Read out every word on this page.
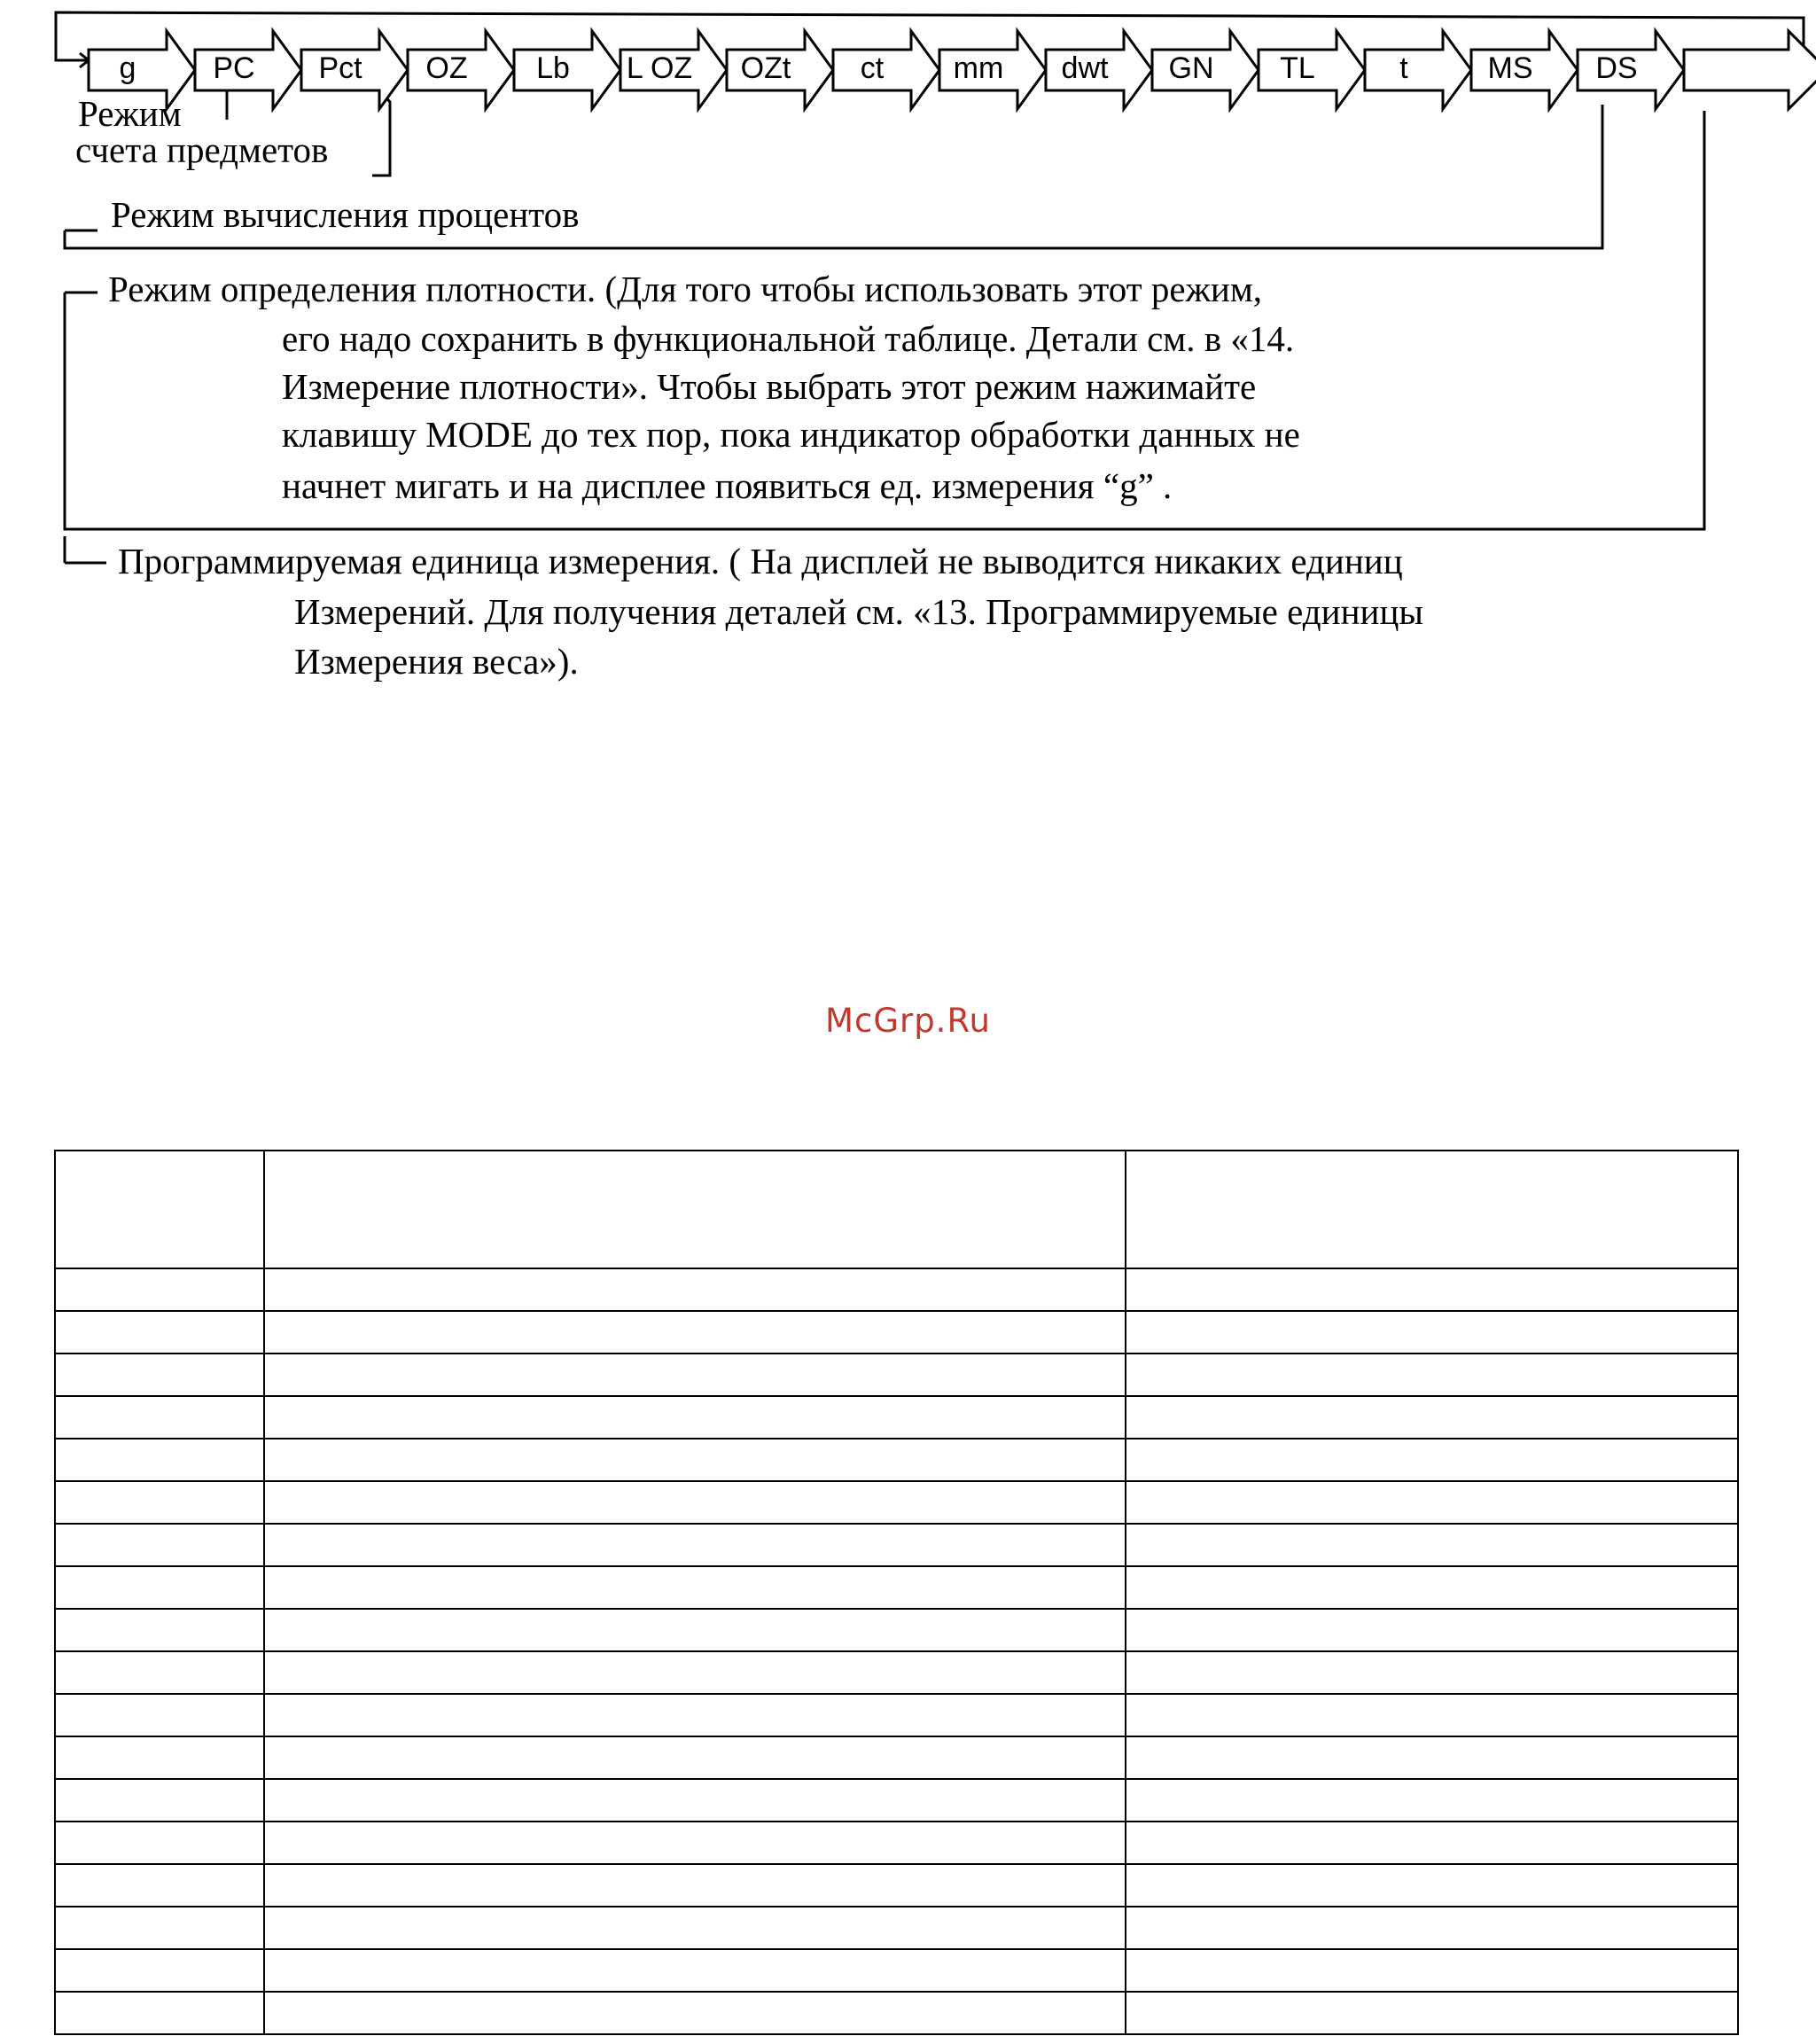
g	PC Pct OZ Lb L OZ OZt ct mm dwt GN TL	t	MS DS
Режим
счета предметов
Режим вычисления процентов
Режим определения плотности. (Для того чтобы использовать этот режим,
его надо сохранить в функциональной таблице. Детали см. в «14.
Измерение плотности». Чтобы выбрать этот режим нажимайте
клавишу MODE до тех пор, пока индикатор обработки данных не
начнет мигать и на дисплее появиться ед. измерения “g” .
Программируемая единица измерения. ( На дисплей не выводится никаких единиц
Измерений. Для получения деталей см. «13. Программируемые единицы
Измерения веса»).
McGrp.Ru
